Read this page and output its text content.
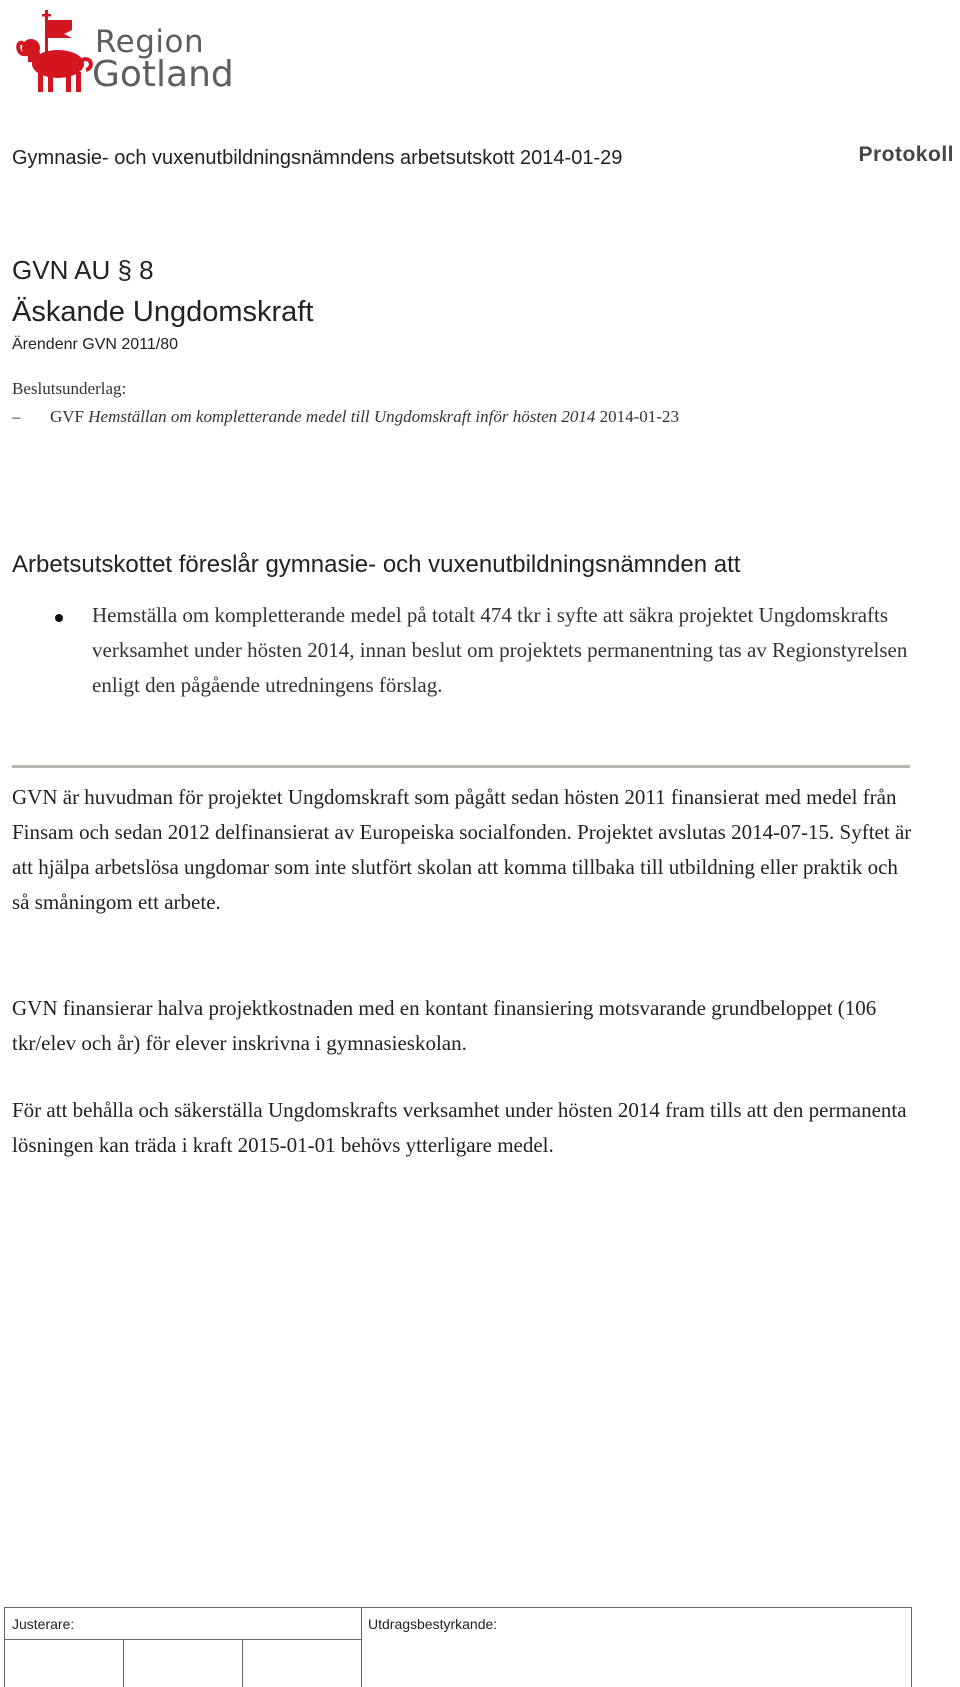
Region
Gotland
Gymnasie- och vuxenutbildningsnämndens arbetsutskott 2014-01-29	Protokoll
GVN AU § 8
Äskande Ungdomskraft
Ärendenr GVN 2011/80
Beslutsunderlag:
– GVF Hemställan om kompletterande medel till Ungdomskraft inför hösten 2014 2014-01-23
Arbetsutskottet föreslår gymnasie- och vuxenutbildningsnämnden att
Hemställa om kompletterande medel på totalt 474 tkr i syfte att säkra projektet Ungdomskrafts verksamhet under hösten 2014, innan beslut om projektets permanentning tas av Regionstyrelsen enligt den pågående utredningens förslag.
GVN är huvudman för projektet Ungdomskraft som pågått sedan hösten 2011 finansierat med medel från Finsam och sedan 2012 delfinansierat av Europeiska socialfonden. Projektet avslutas 2014-07-15. Syftet är att hjälpa arbetslösa ungdomar som inte slutfört skolan att komma tillbaka till utbildning eller praktik och så småningom ett arbete.
GVN finansierar halva projektkostnaden med en kontant finansiering motsvarande grundbeloppet (106 tkr/elev och år) för elever inskrivna i gymnasieskolan.
För att behålla och säkerställa Ungdomskrafts verksamhet under hösten 2014 fram tills att den permanenta lösningen kan träda i kraft 2015-01-01 behövs ytterligare medel.
Justerare:	Utdragsbestyrkande:
